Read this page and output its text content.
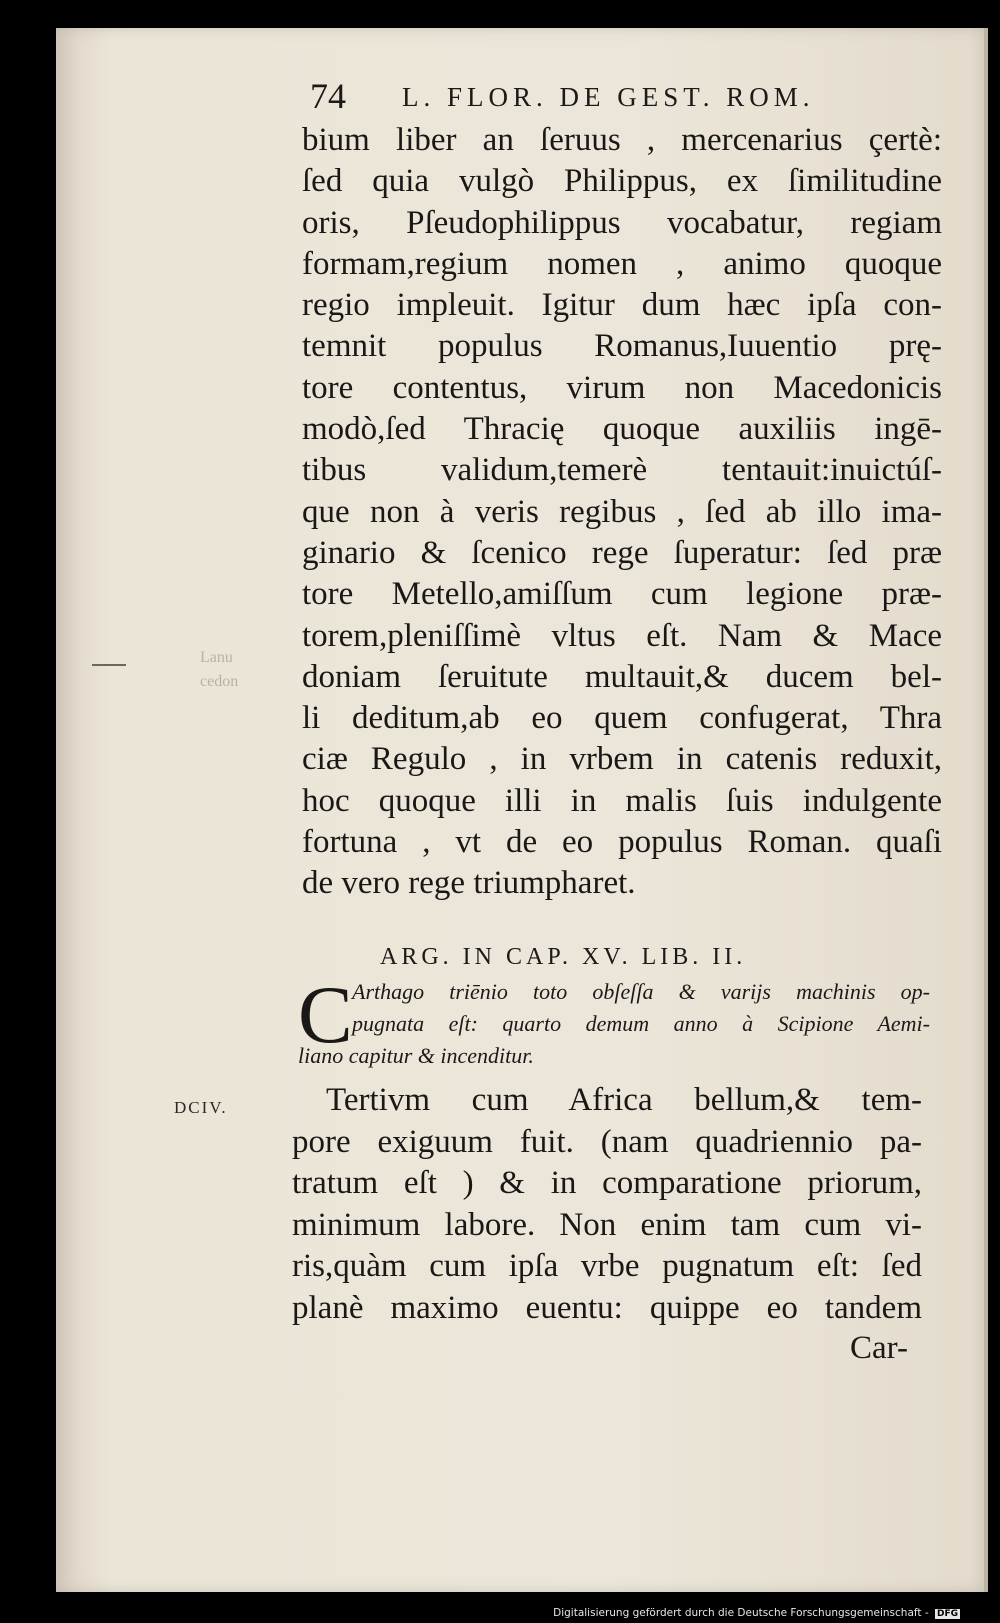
Lanu
cedon
74 L. FLOR. DE GEST. ROM.
bium liber an ſeruus , mercenarius çertè:
ſed quia vulgò Philippus, ex ſimilitudine
oris, Pſeudophilippus vocabatur, regiam
formam,regium nomen , animo quoque
regio impleuit. Igitur dum hæc ipſa con-
temnit populus Romanus,Iuuentio prę-
tore contentus, virum non Macedonicis
modò,ſed Thracię quoque auxiliis ingē-
tibus validum,temerè tentauit:inuictúſ-
que non à veris regibus , ſed ab illo ima-
ginario & ſcenico rege ſuperatur: ſed præ
tore Metello,amiſſum cum legione præ-
torem,pleniſſimè vltus eſt. Nam & Mace
doniam ſeruitute multauit,& ducem bel-
li deditum,ab eo quem confugerat, Thra
ciæ Regulo , in vrbem in catenis reduxit,
hoc quoque illi in malis ſuis indulgente
fortuna , vt de eo populus Roman. quaſi
de vero rege triumpharet.
ARG. IN CAP. XV. LIB. II.
C Arthago triēnio toto obſeſſa & varijs machinis op-
pugnata eſt: quarto demum anno à Scipione Aemi-
liano capitur & incenditur.
DCIV.	Tertivm cum Africa bellum,& tem-
pore exiguum fuit. (nam quadriennio pa-
tratum eſt ) & in comparatione priorum,
minimum labore. Non enim tam cum vi-
ris,quàm cum ipſa vrbe pugnatum eſt: ſed
planè maximo euentu: quippe eo tandem
Car-
Digitalisierung gefördert durch die Deutsche Forschungsgemeinschaft - DFG
